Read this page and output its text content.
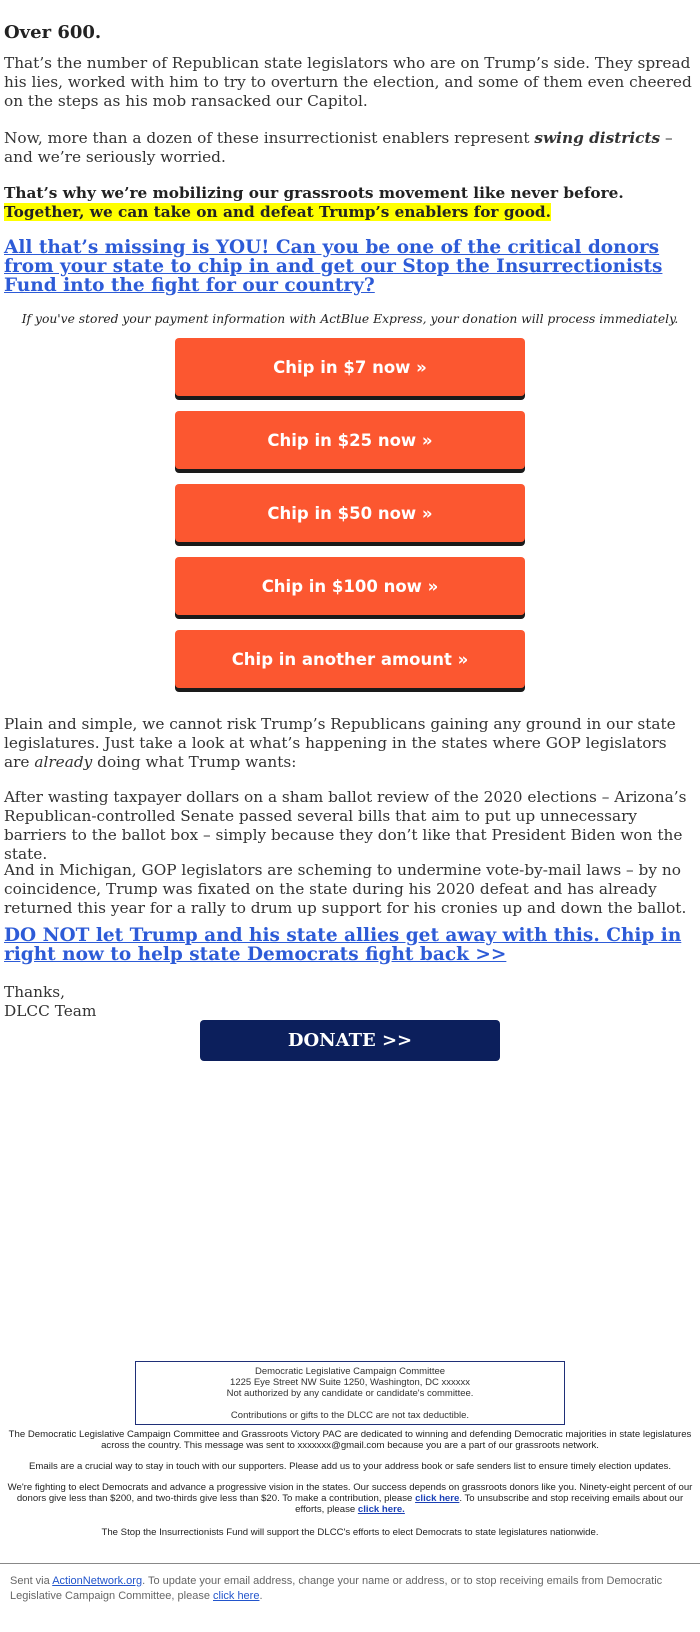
Over 600.
That’s the number of Republican state legislators who are on Trump’s side. They spread his lies, worked with him to try to overturn the election, and some of them even cheered on the steps as his mob ransacked our Capitol.
Now, more than a dozen of these insurrectionist enablers represent swing districts – and we’re seriously worried.
That’s why we’re mobilizing our grassroots movement like never before. Together, we can take on and defeat Trump’s enablers for good.
All that’s missing is YOU! Can you be one of the critical donors from your state to chip in and get our Stop the Insurrectionists Fund into the fight for our country?
If you've stored your payment information with ActBlue Express, your donation will process immediately.
Chip in $7 now »
Chip in $25 now »
Chip in $50 now »
Chip in $100 now »
Chip in another amount »
Plain and simple, we cannot risk Trump’s Republicans gaining any ground in our state legislatures. Just take a look at what’s happening in the states where GOP legislators are already doing what Trump wants:
After wasting taxpayer dollars on a sham ballot review of the 2020 elections – Arizona’s Republican-controlled Senate passed several bills that aim to put up unnecessary barriers to the ballot box – simply because they don’t like that President Biden won the state.
And in Michigan, GOP legislators are scheming to undermine vote-by-mail laws – by no coincidence, Trump was fixated on the state during his 2020 defeat and has already returned this year for a rally to drum up support for his cronies up and down the ballot.
DO NOT let Trump and his state allies get away with this. Chip in right now to help state Democrats fight back >>
Thanks,
DLCC Team
DONATE >>
Democratic Legislative Campaign Committee
1225 Eye Street NW Suite 1250, Washington, DC xxxxxx
Not authorized by any candidate or candidate's committee.
Contributions or gifts to the DLCC are not tax deductible.
The Democratic Legislative Campaign Committee and Grassroots Victory PAC are dedicated to winning and defending Democratic majorities in state legislatures across the country. This message was sent to xxxxxxx@gmail.com because you are a part of our grassroots network.
Emails are a crucial way to stay in touch with our supporters. Please add us to your address book or safe senders list to ensure timely election updates.
We're fighting to elect Democrats and advance a progressive vision in the states. Our success depends on grassroots donors like you. Ninety-eight percent of our donors give less than $200, and two-thirds give less than $20. To make a contribution, please click here. To unsubscribe and stop receiving emails about our efforts, please click here.
The Stop the Insurrectionists Fund will support the DLCC's efforts to elect Democrats to state legislatures nationwide.
Sent via ActionNetwork.org. To update your email address, change your name or address, or to stop receiving emails from Democratic Legislative Campaign Committee, please click here.
